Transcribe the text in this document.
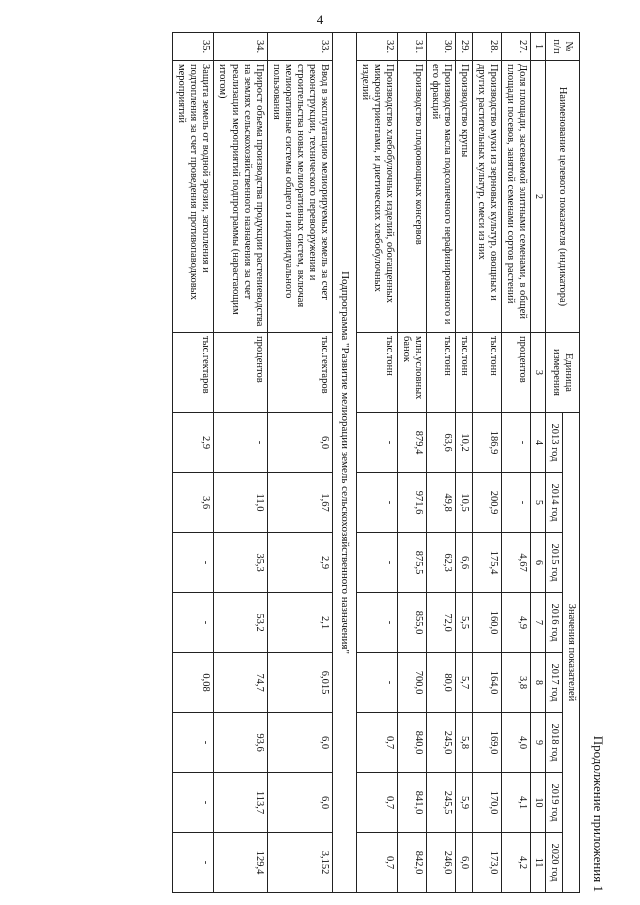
4
Продолжение приложения 1
№ п/п	Наименование целевого показателя (индикатора)	Единица измерения	Значения показателей							
			2013 год	2014 год	2015 год	2016 год	2017 год	2018 год	2019 год	2020 год
1	2	3	4	5	6	7	8	9	10	11
27.	Доля площади, засеваемой элитными семенами, в общей площади посевов, занятой семенами сортов растений	процентов	-	-	4,67	4,9	3,8	4,0	4,1	4,2
28.	Производство муки из зерновых культур, овощных и других растительных культур, смеси из них	тыс.тонн	186,9	200,9	175,4	160,0	164,0	169,0	170,0	173,0
29.	Производство крупы	тыс.тонн	10,2	10,5	6,6	5,5	5,7	5,8	5,9	6,0
30.	Производство масла подсолнечного нерафинированного и его фракций	тыс.тонн	63,6	49,8	62,3	72,0	80,0	245,0	245,5	246,0
31.	Производство плодоовощных консервов	млн.условных банок	879,4	971,6	875,5	855,0	700,0	840,0	841,0	842,0
32.	Производство хлебобулочных изделий, обогащенных микронутриентами, и диетических хлебобулочных изделий	тыс.тонн	-	-	-	-	-	0,7	0,7	0,7
Подпрограмма "Развитие мелиорации земель сельскохозяйственного назначения"										
33.	Ввод в эксплуатацию мелиорируемых земель за счет реконструкции, технического перевооружения и строительства новых мелиоративных систем, включая мелиоративные системы общего и индивидуального пользования	тыс.гектаров	6,0	1,67	2,9	2,1	6,015	6,0	6,0	3,152
34.	Прирост объема производства продукции растениеводства на землях сельскохозяйственного назначения за счет реализации мероприятий подпрограммы (нарастающим итогом)	процентов	-	11,0	35,3	53,2	74,7	93,6	113,7	129,4
35.	Защита земель от водной эрозии, затопления и подтопления за счет проведения противопаводковых мероприятий	тыс.гектаров	2,9	3,6	-	-	0,08	-	-	-
